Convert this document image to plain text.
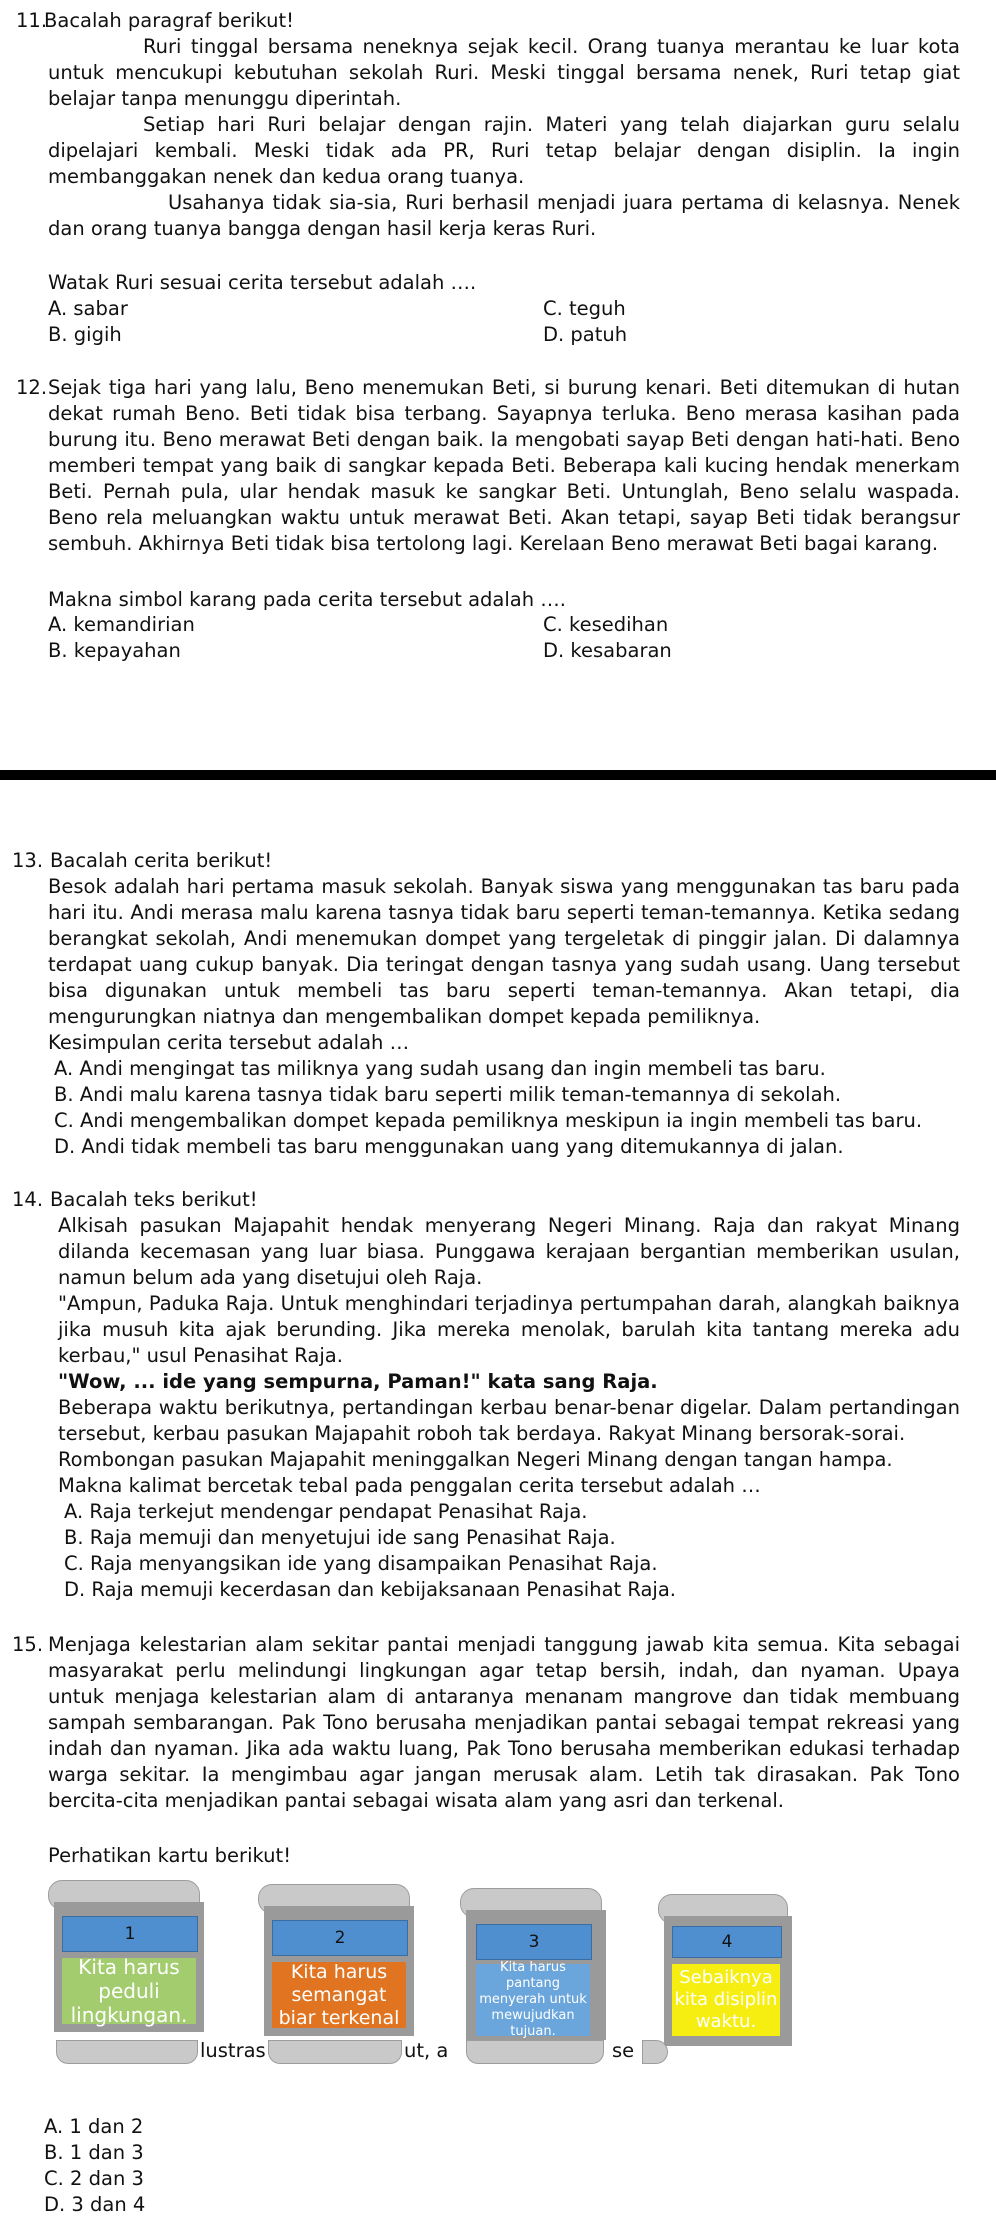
11.
Bacalah paragraf berikut!
Ruri tinggal bersama neneknya sejak kecil. Orang tuanya merantau ke luar kota untuk mencukupi kebutuhan sekolah Ruri. Meski tinggal bersama nenek, Ruri tetap giat belajar tanpa menunggu diperintah.
Setiap hari Ruri belajar dengan rajin. Materi yang telah diajarkan guru selalu dipelajari kembali. Meski tidak ada PR, Ruri tetap belajar dengan disiplin. Ia ingin membanggakan nenek dan kedua orang tuanya.
Usahanya tidak sia-sia, Ruri berhasil menjadi juara pertama di kelasnya. Nenek dan orang tuanya bangga dengan hasil kerja keras Ruri.
Watak Ruri sesuai cerita tersebut adalah ….
A. sabar
B. gigih
C. teguh
D. patuh
12. Sejak tiga hari yang lalu, Beno menemukan Beti, si burung kenari. Beti ditemukan di hutan dekat rumah Beno. Beti tidak bisa terbang. Sayapnya terluka. Beno merasa kasihan pada burung itu. Beno merawat Beti dengan baik. Ia mengobati sayap Beti dengan hati-hati. Beno memberi tempat yang baik di sangkar kepada Beti. Beberapa kali kucing hendak menerkam Beti. Pernah pula, ular hendak masuk ke sangkar Beti. Untunglah, Beno selalu waspada. Beno rela meluangkan waktu untuk merawat Beti. Akan tetapi, sayap Beti tidak berangsur sembuh. Akhirnya Beti tidak bisa tertolong lagi. Kerelaan Beno merawat Beti bagai karang.
Makna simbol karang pada cerita tersebut adalah ….
A. kemandirian
B. kepayahan
C. kesedihan
D. kesabaran
13. Bacalah cerita berikut!
Besok adalah hari pertama masuk sekolah. Banyak siswa yang menggunakan tas baru pada hari itu. Andi merasa malu karena tasnya tidak baru seperti teman-temannya. Ketika sedang berangkat sekolah, Andi menemukan dompet yang tergeletak di pinggir jalan. Di dalamnya terdapat uang cukup banyak. Dia teringat dengan tasnya yang sudah usang. Uang tersebut bisa digunakan untuk membeli tas baru seperti teman-temannya. Akan tetapi, dia mengurungkan niatnya dan mengembalikan dompet kepada pemiliknya.
Kesimpulan cerita tersebut adalah …
A. Andi mengingat tas miliknya yang sudah usang dan ingin membeli tas baru.
B. Andi malu karena tasnya tidak baru seperti milik teman-temannya di sekolah.
C. Andi mengembalikan dompet kepada pemiliknya meskipun ia ingin membeli tas baru.
D. Andi tidak membeli tas baru menggunakan uang yang ditemukannya di jalan.
14. Bacalah teks berikut!
Alkisah pasukan Majapahit hendak menyerang Negeri Minang. Raja dan rakyat Minang dilanda kecemasan yang luar biasa. Punggawa kerajaan bergantian memberikan usulan, namun belum ada yang disetujui oleh Raja.
"Ampun, Paduka Raja. Untuk menghindari terjadinya pertumpahan darah, alangkah baiknya jika musuh kita ajak berunding. Jika mereka menolak, barulah kita tantang mereka adu kerbau," usul Penasihat Raja.
"Wow, ... ide yang sempurna, Paman!" kata sang Raja.
Beberapa waktu berikutnya, pertandingan kerbau benar-benar digelar. Dalam pertandingan tersebut, kerbau pasukan Majapahit roboh tak berdaya. Rakyat Minang bersorak-sorai.
Rombongan pasukan Majapahit meninggalkan Negeri Minang dengan tangan hampa.
Makna kalimat bercetak tebal pada penggalan cerita tersebut adalah …
A. Raja terkejut mendengar pendapat Penasihat Raja.
B. Raja memuji dan menyetujui ide sang Penasihat Raja.
C. Raja menyangsikan ide yang disampaikan Penasihat Raja.
D. Raja memuji kecerdasan dan kebijaksanaan Penasihat Raja.
15. Menjaga kelestarian alam sekitar pantai menjadi tanggung jawab kita semua. Kita sebagai masyarakat perlu melindungi lingkungan agar tetap bersih, indah, dan nyaman. Upaya untuk menjaga kelestarian alam di antaranya menanam mangrove dan tidak membuang sampah sembarangan. Pak Tono berusaha menjadikan pantai sebagai tempat rekreasi yang indah dan nyaman. Jika ada waktu luang, Pak Tono berusaha memberikan edukasi terhadap warga sekitar. Ia mengimbau agar jangan merusak alam. Letih tak dirasakan. Pak Tono bercita-cita menjadikan pantai sebagai wisata alam yang asri dan terkenal.
Perhatikan kartu berikut!
1
Kita harus peduli lingkungan.
2
Kita harus semangat biar terkenal
3
Kita harus pantang menyerah untuk mewujudkan tujuan.
4
Sebaiknya kita disiplin waktu.
lustras	ut, a	se
A. 1 dan 2
B. 1 dan 3
C. 2 dan 3
D. 3 dan 4
